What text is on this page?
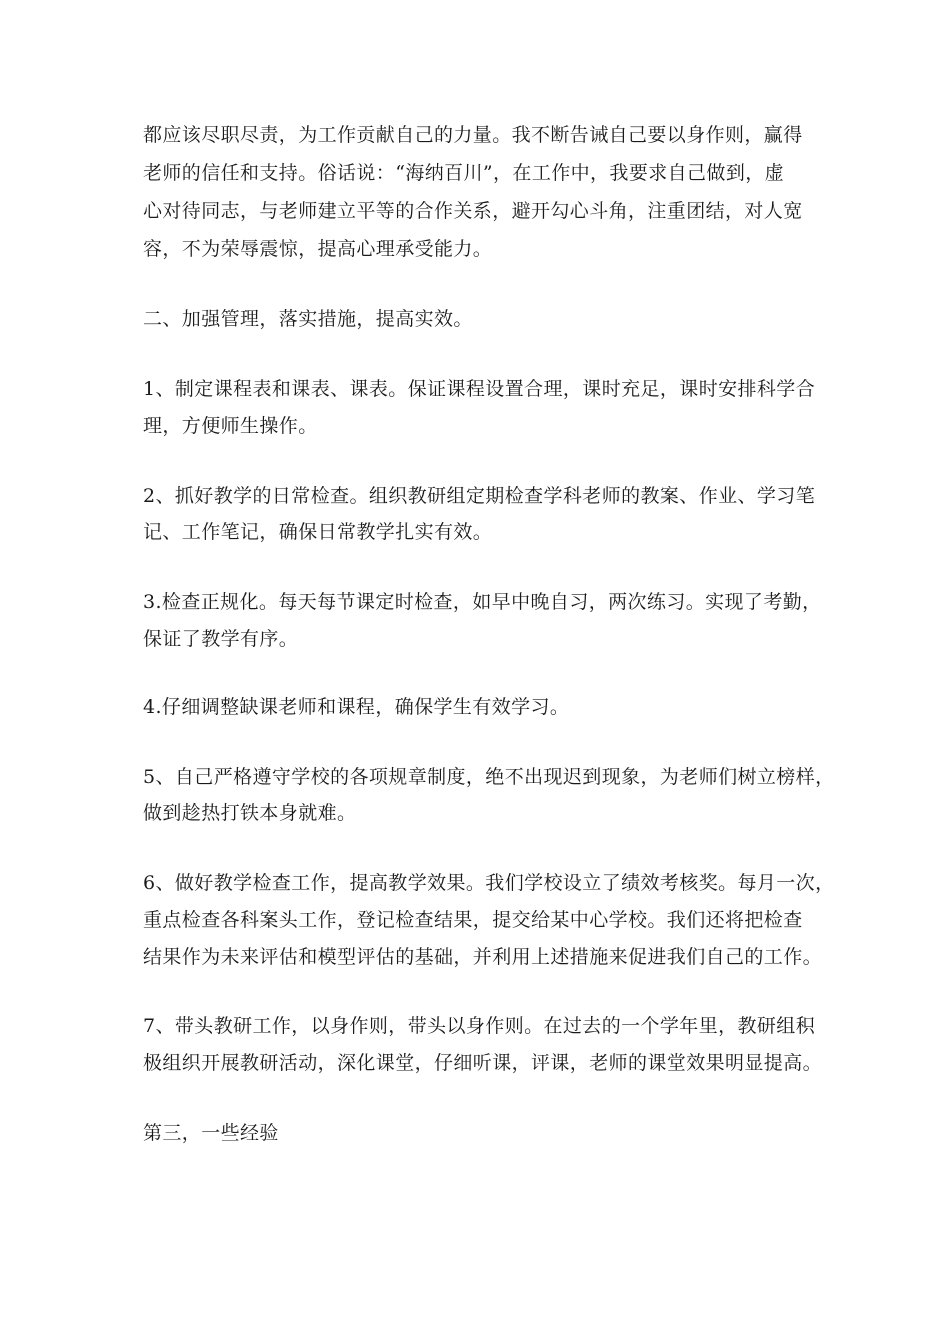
都应该尽职尽责，为工作贡献自己的力量。我不断告诫自己要以身作则，赢得
老师的信任和支持。俗话说：“海纳百川”，在工作中，我要求自己做到，虚
心对待同志，与老师建立平等的合作关系，避开勾心斗角，注重团结，对人宽
容，不为荣辱震惊，提高心理承受能力。
二、加强管理，落实措施，提高实效。
1、制定课程表和课表、课表。保证课程设置合理，课时充足，课时安排科学合
理，方便师生操作。
2、抓好教学的日常检查。组织教研组定期检查学科老师的教案、作业、学习笔
记、工作笔记，确保日常教学扎实有效。
3.检查正规化。每天每节课定时检查，如早中晚自习，两次练习。实现了考勤，
保证了教学有序。
4.仔细调整缺课老师和课程，确保学生有效学习。
5、自己严格遵守学校的各项规章制度，绝不出现迟到现象，为老师们树立榜样，
做到趁热打铁本身就难。
6、做好教学检查工作，提高教学效果。我们学校设立了绩效考核奖。每月一次，
重点检查各科案头工作，登记检查结果，提交给某中心学校。我们还将把检查
结果作为未来评估和模型评估的基础，并利用上述措施来促进我们自己的工作。
7、带头教研工作，以身作则，带头以身作则。在过去的一个学年里，教研组积
极组织开展教研活动，深化课堂，仔细听课，评课，老师的课堂效果明显提高。
第三，一些经验
